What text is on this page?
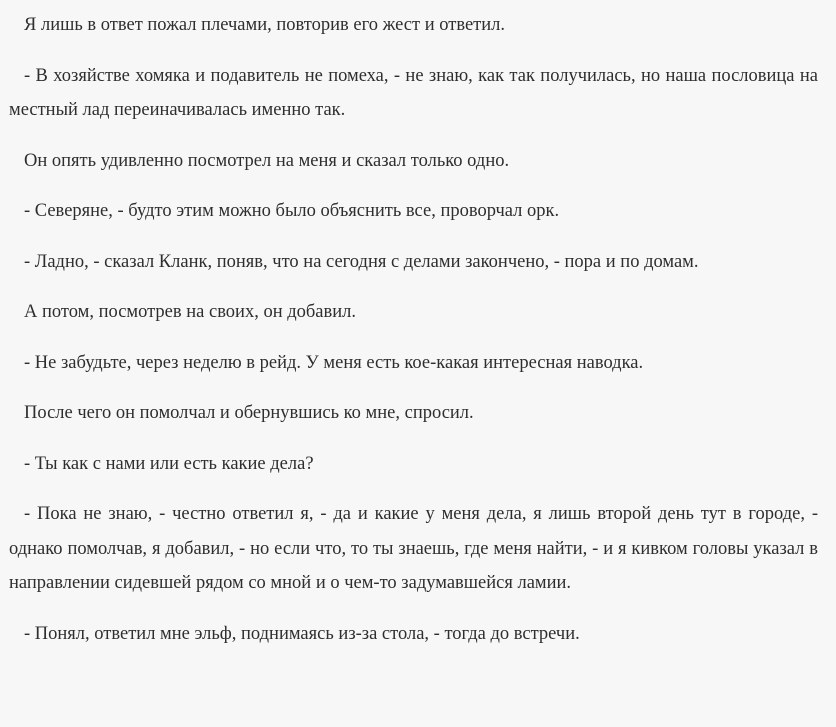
Я лишь в ответ пожал плечами, повторив его жест и ответил.

- В хозяйстве хомяка и подавитель не помеха, - не знаю, как так получилась, но наша пословица на местный лад переиначивалась именно так.

Он опять удивленно посмотрел на меня и сказал только одно.

- Северяне, - будто этим можно было объяснить все, проворчал орк.

- Ладно, - сказал Кланк, поняв, что на сегодня с делами закончено, - пора и по домам.

А потом, посмотрев на своих, он добавил.

- Не забудьте, через неделю в рейд. У меня есть кое-какая интересная наводка.

После чего он помолчал и обернувшись ко мне, спросил.

- Ты как с нами или есть какие дела?

- Пока не знаю, - честно ответил я, - да и какие у меня дела, я лишь второй день тут в городе, - однако помолчав, я добавил, - но если что, то ты знаешь, где меня найти, - и я кивком головы указал в направлении сидевшей рядом со мной и о чем-то задумавшейся ламии.

- Понял, ответил мне эльф, поднимаясь из-за стола, - тогда до встречи.
